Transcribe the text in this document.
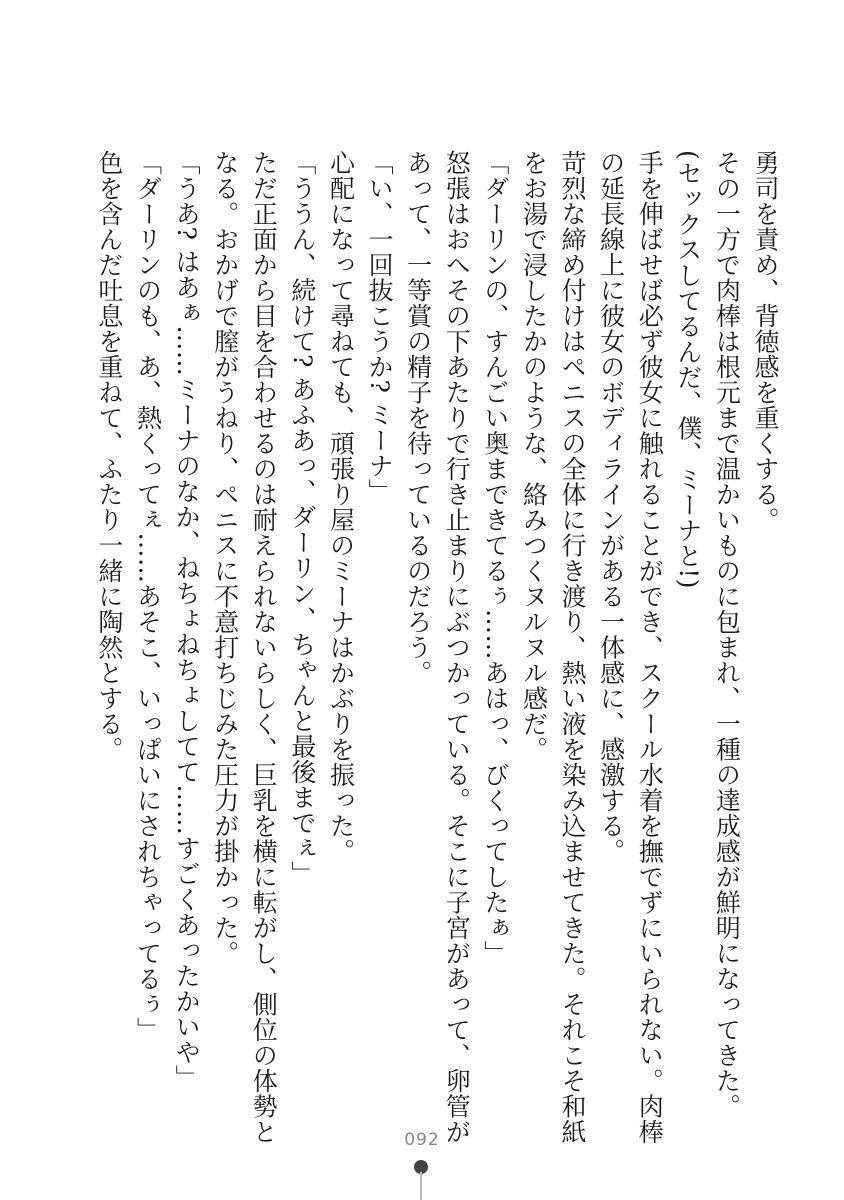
勇司を責め、背徳感を重くする。
その一方で肉棒は根元まで温かいものに包まれ、一種の達成感が鮮明になってきた。
(セックスしてるんだ、僕、ミーナと!)
手を伸ばせば必ず彼女に触れることができ、スクール水着を撫でずにいられない。肉棒
の延長線上に彼女のボディラインがある一体感に、感激する。
苛烈な締め付けはペニスの全体に行き渡り、熱い液を染み込ませてきた。それこそ和紙
をお湯で浸したかのような、絡みつくヌルヌル感だ。
「ダーリンの、すんごい奥まできてるぅ……あはっ、びくってしたぁ」
怒張はおへその下あたりで行き止まりにぶつかっている。そこに子宮があって、卵管が
あって、一等賞の精子を待っているのだろう。
「い、一回抜こうか? ミーナ」
心配になって尋ねても、頑張り屋のミーナはかぶりを振った。
「ううん、続けて? あふあっ、ダーリン、ちゃんと最後までぇ」
ただ正面から目を合わせるのは耐えられないらしく、巨乳を横に転がし、側位の体勢と
なる。おかげで膣がうねり、ペニスに不意打ちじみた圧力が掛かった。
「うあ? はあぁ……ミーナのなか、ねちょねちょしてて……すごくあったかいや」
「ダーリンのも、あ、熱くってぇ……あそこ、いっぱいにされちゃってるぅ」
色を含んだ吐息を重ねて、ふたり一緒に陶然とする。
092
